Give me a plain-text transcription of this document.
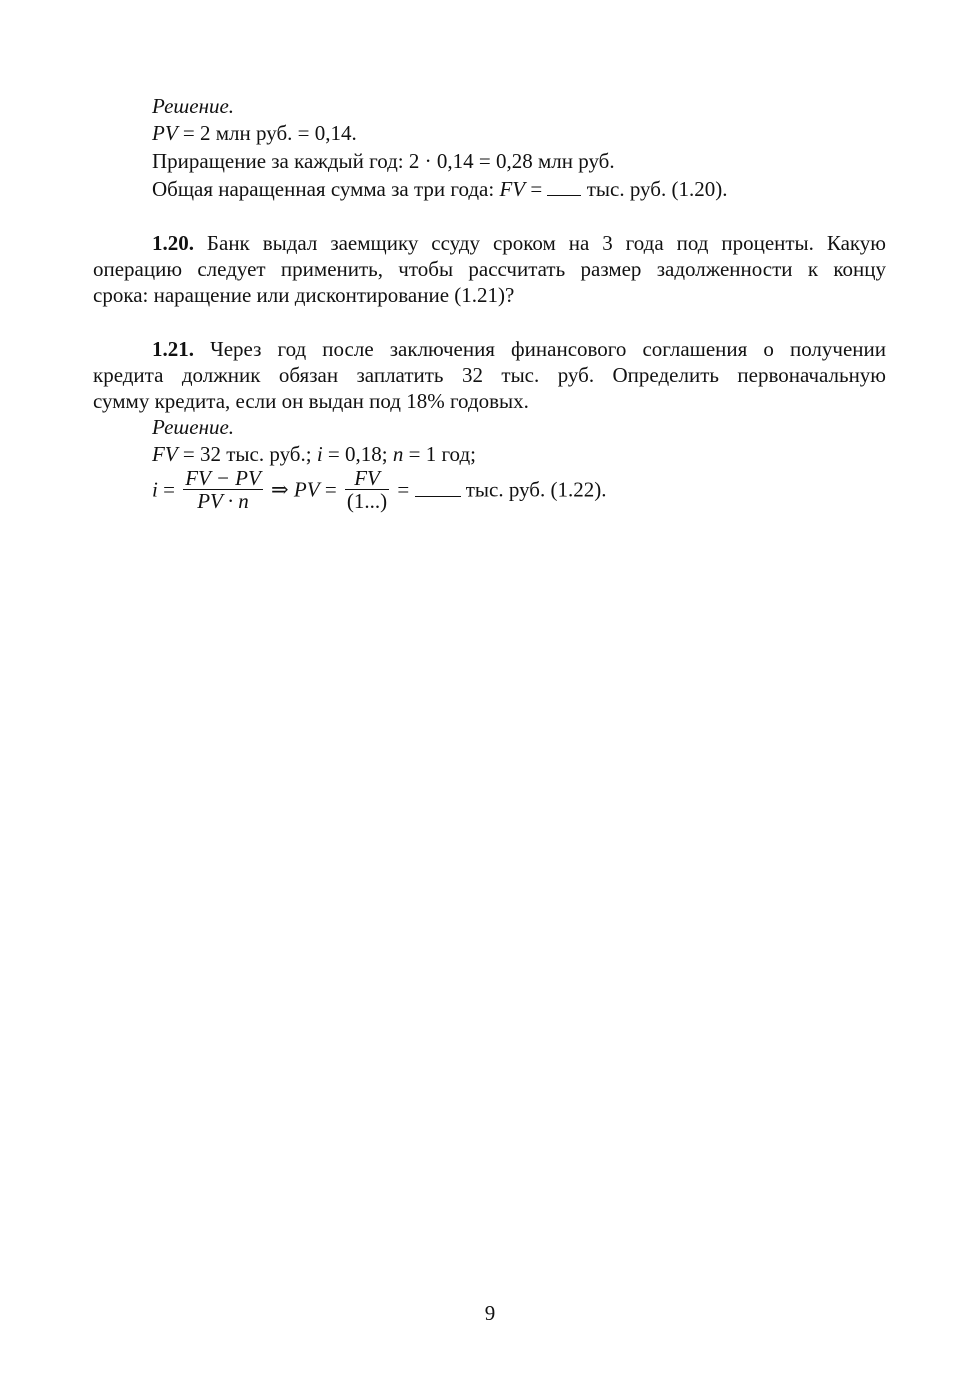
Решение.
PV = 2 млн руб. = 0,14.
Приращение за каждый год: 2 · 0,14 = 0,28 млн руб.
Общая наращенная сумма за три года: FV =  тыс. руб. (1.20).
1.20. Банк выдал заемщику ссуду сроком на 3 года под проценты. Какую
операцию следует применить, чтобы рассчитать размер задолженности к концу
срока: наращение или дисконтирование (1.21)?
1.21. Через год после заключения финансового соглашения о получении
кредита должник обязан заплатить 32 тыс. руб. Определить первоначальную
сумму кредита, если он выдан под 18% годовых.
Решение.
FV = 32 тыс. руб.; i = 0,18; n = 1 год;
$i = \frac{FV - PV}{PV \cdot n}$ ⇒ PV = $\frac{FV}{(1...)}$ =	тыс. руб. (1.22).
9
